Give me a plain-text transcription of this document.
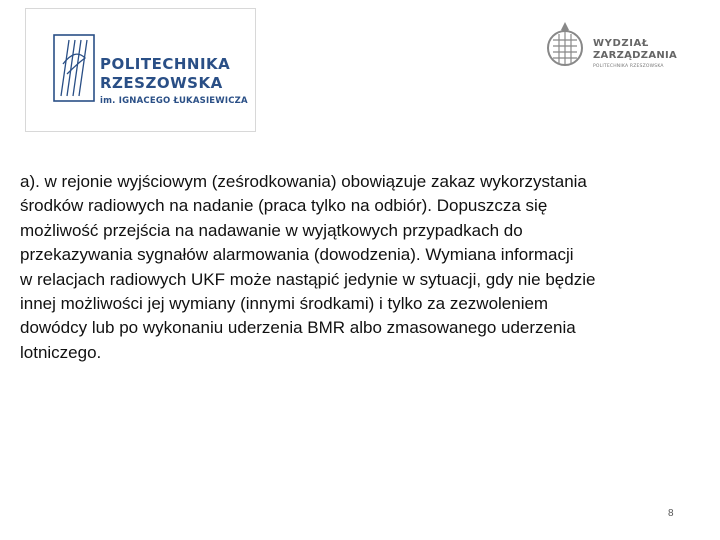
POLITECHNIKA
RZESZOWSKA
im. IGNACEGO ŁUKASIEWICZA
WYDZIAŁ
ZARZĄDZANIA
POLITECHNIKA RZESZOWSKA

a). w rejonie wyjściowym (ześrodkowania) obowiązuje zakaz wykorzystania
środków radiowych na nadanie (praca tylko na odbiór). Dopuszcza się
możliwość przejścia na nadawanie w wyjątkowych przypadkach do
przekazywania sygnałów alarmowania (dowodzenia). Wymiana informacji
w relacjach radiowych UKF może nastąpić jedynie w sytuacji, gdy nie będzie
innej możliwości jej wymiany (innymi środkami) i tylko za zezwoleniem
dowódcy lub po wykonaniu uderzenia BMR albo zmasowanego uderzenia
lotniczego.

8
